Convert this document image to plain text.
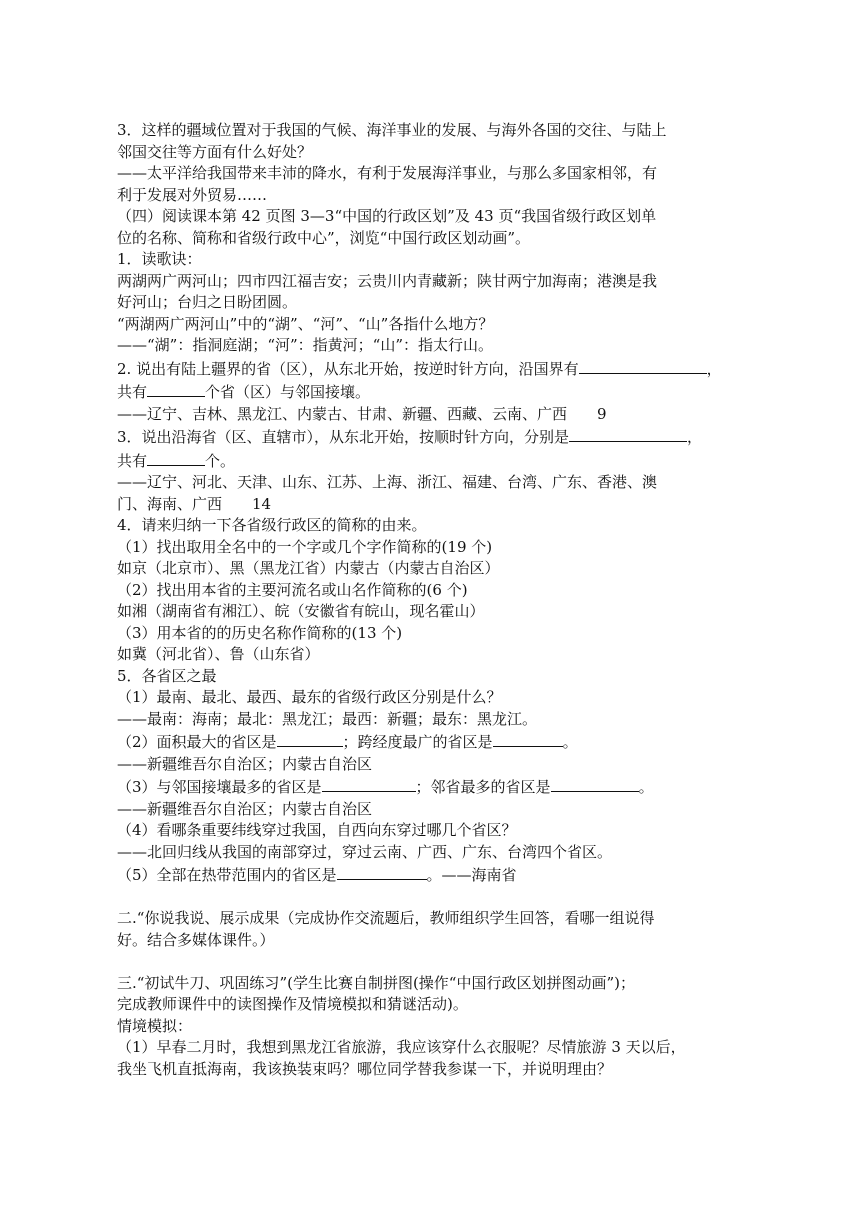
3．这样的疆域位置对于我国的气候、海洋事业的发展、与海外各国的交往、与陆上
邻国交往等方面有什么好处？
——太平洋给我国带来丰沛的降水，有利于发展海洋事业，与那么多国家相邻，有
利于发展对外贸易……
（四）阅读课本第 42 页图 3—3“中国的行政区划”及 43 页“我国省级行政区划单
位的名称、简称和省级行政中心”，浏览“中国行政区划动画”。
1．读歌诀：
两湖两广两河山；四市四江福吉安；云贵川内青藏新；陕甘两宁加海南；港澳是我
好河山；台归之日盼团圆。
“两湖两广两河山”中的“湖”、“河”、“山”各指什么地方？
——“湖”：指洞庭湖；“河”：指黄河；“山”：指太行山。
2. 说出有陆上疆界的省（区），从东北开始，按逆时针方向，沿国界有	，
共有	个省（区）与邻国接壤。
——辽宁、吉林、黑龙江、内蒙古、甘肃、新疆、西藏、云南、广西 9
3．说出沿海省（区、直辖市），从东北开始，按顺时针方向，分别是	，
共有	个。
——辽宁、河北、天津、山东、江苏、上海、浙江、福建、台湾、广东、香港、澳
门、海南、广西 14
4．请来归纳一下各省级行政区的简称的由来。
（1）找出取用全名中的一个字或几个字作简称的(19 个)
如京（北京市）、黑（黑龙江省）内蒙古（内蒙古自治区）
（2）找出用本省的主要河流名或山名作简称的(6 个)
如湘（湖南省有湘江）、皖（安徽省有皖山，现名霍山）
（3）用本省的的历史名称作简称的(13 个)
如冀（河北省）、鲁（山东省）
5．各省区之最
（1）最南、最北、最西、最东的省级行政区分别是什么？
——最南：海南；最北：黑龙江；最西：新疆；最东：黑龙江。
（2）面积最大的省区是	；跨经度最广的省区是	。
——新疆维吾尔自治区；内蒙古自治区
（3）与邻国接壤最多的省区是	；邻省最多的省区是	。
——新疆维吾尔自治区；内蒙古自治区
（4）看哪条重要纬线穿过我国，自西向东穿过哪几个省区？
——北回归线从我国的南部穿过，穿过云南、广西、广东、台湾四个省区。
（5）全部在热带范围内的省区是	。——海南省
二.“你说我说、展示成果（完成协作交流题后，教师组织学生回答，看哪一组说得
好。结合多媒体课件。）
三.“初试牛刀、巩固练习”(学生比赛自制拼图(操作“中国行政区划拼图动画”)；
完成教师课件中的读图操作及情境模拟和猜谜活动)。
情境模拟：
（1）早春二月时，我想到黑龙江省旅游，我应该穿什么衣服呢？尽情旅游 3 天以后，
我坐飞机直抵海南，我该换装束吗？哪位同学替我参谋一下，并说明理由？
